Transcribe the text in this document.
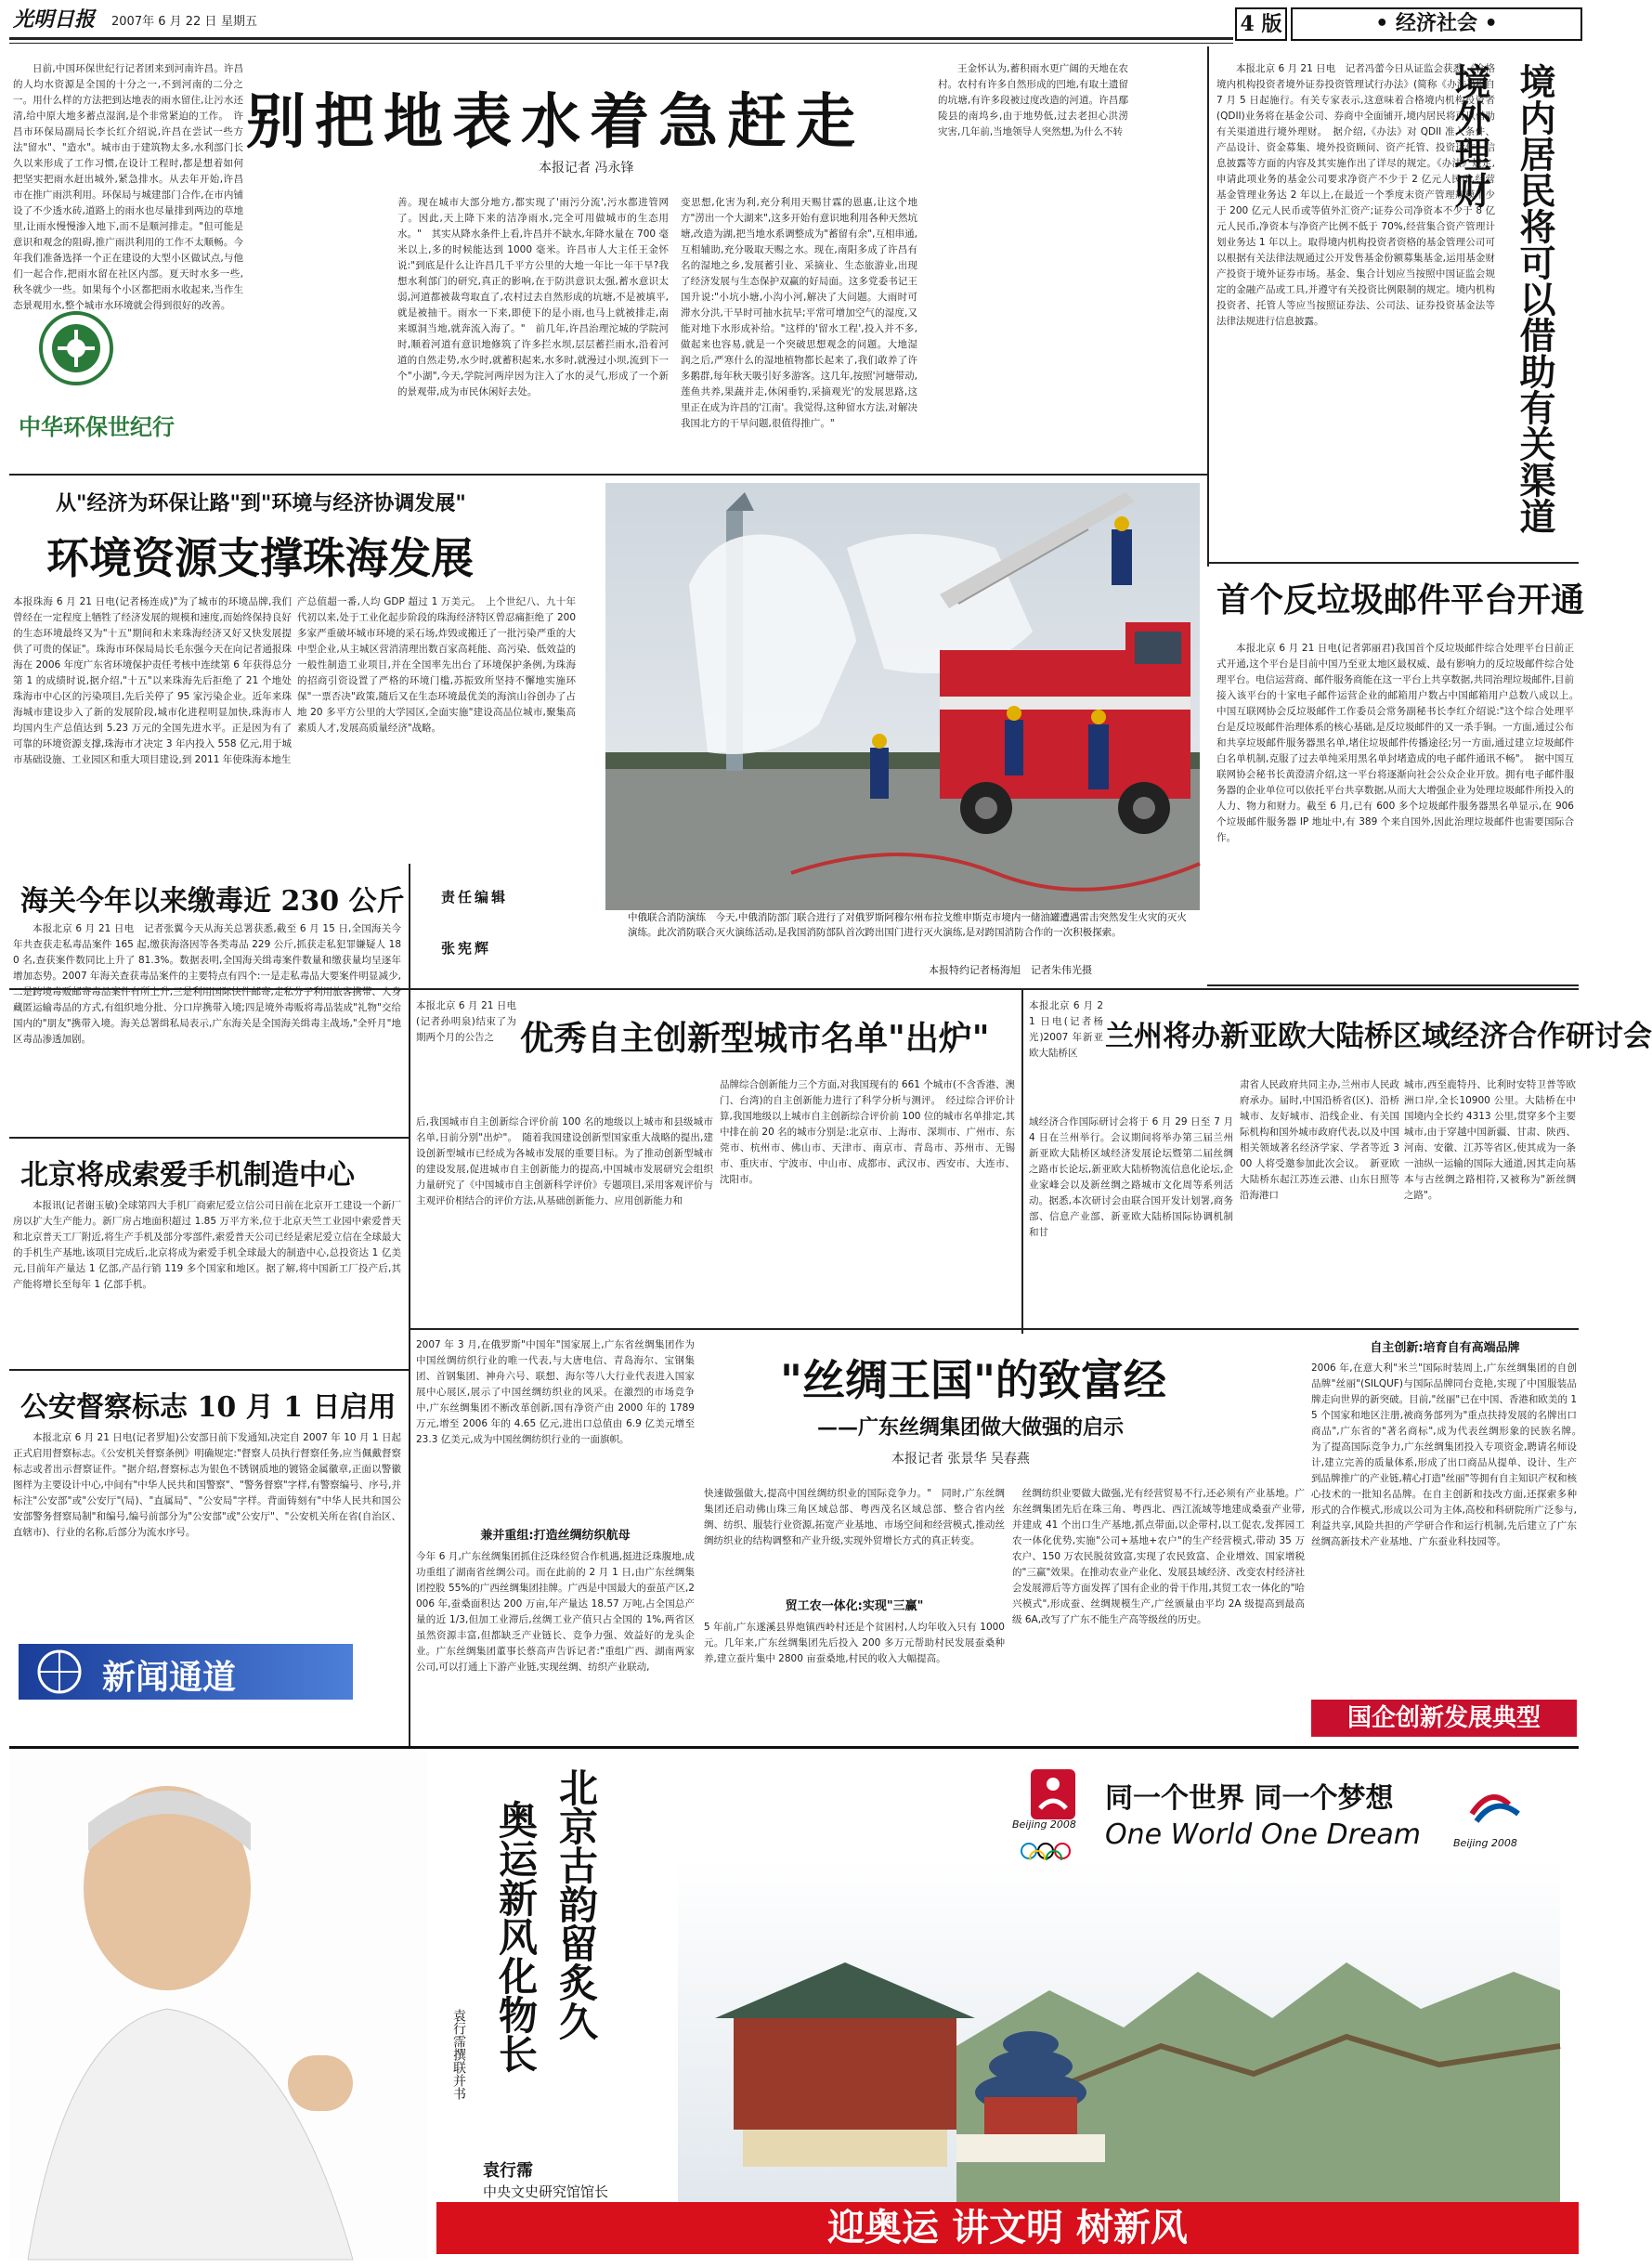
光明日报	2007年 6 月 22 日 星期五	4 版	• 经济社会 •
别把地表水着急赶走
本报记者 冯永锋
日前,中国环保世纪行记者团来到河南许昌。许昌的人均水资源是全国的十分之一,不到河南的二分之一。用什么样的方法把到达地表的雨水留住,让污水还清,给中原大地多蓄点湿润,是个非常紧迫的工作。　许昌市环保局副局长李长红介绍说,许昌在尝试一些方法"留水"、"造水"。城市由于建筑物太多,水利部门长久以来形成了工作习惯,在设计工程时,都是想着如何把坚实把雨水赶出城外,紧急排水。从去年开始,许昌市在推广雨洪利用。环保局与城建部门合作,在市内铺设了不少透水砖,道路上的雨水也尽量排到两边的草地里,让雨水慢慢渗入地下,而不是顺河排走。"但可能是意识和观念的阻碍,推广雨洪利用的工作不太顺畅。今年我们准备选择一个正在建设的大型小区做试点,与他们一起合作,把雨水留在社区内部。夏天时水多一些,秋冬就少一些。如果每个小区都把雨水收起来,当作生态景观用水,整个城市水环境就会得到很好的改善。
中华环保世纪行
善。现在城市大部分地方,都实现了'雨污分流',污水都进管网了。因此,天上降下来的洁净雨水,完全可用做城市的生态用水。"　其实从降水条件上看,许昌并不缺水,年降水量在 700 毫米以上,多的时候能达到 1000 毫米。许昌市人大主任王金怀说:"到底是什么让许昌几千平方公里的大地一年比一年干旱?我想水利部门的研究,真正的影响,在于防洪意识太强,蓄水意识太弱,河道都被裁弯取直了,农村过去自然形成的坑塘,不是被填平,就是被抽干。雨水一下来,即使下的是小雨,也马上就被排走,南来塬洞当地,就奔流入海了。"　前几年,许昌治理沱城的学院河时,顺着河道有意识地修筑了许多拦水坝,层层蓄拦雨水,沿着河道的自然走势,水少时,就蓄积起来,水多时,就漫过小坝,流到下一个"小湖",今天,学院河两岸因为注入了水的灵气,形成了一个新的景观带,成为市民休闲好去处。
变思想,化害为利,充分利用天赐甘霖的恩惠,让这个地方"涝出一个大湖来",这多开始有意识地利用各种天然坑塘,改造为湖,把当地水系调整成为"蓄留有余",互相串通,互相辅助,充分吸取天赐之水。现在,南阳多成了许昌有名的湿地之乡,发展蓄引业、采摘业、生态旅游业,出现了经济发展与生态保护双赢的好局面。这多党委书记王国升说:"小坑小塘,小沟小河,解决了大问题。大雨时可滞水分洪,干旱时可抽水抗旱;平常可增加空气的湿度,又能对地下水形成补给。"这样的'留水工程',投入并不多,做起来也容易,就是一个突破思想观念的问题。大地湿润之后,严寒什么的湿地植物都长起来了,我们敢养了许多鹅群,每年秋天吸引好多游客。这几年,按照'河塘带动,莲鱼共养,果蔬并走,休闲垂钓,采摘观光'的发展思路,这里正在成为许昌的'江南'。我觉得,这种留水方法,对解决我国北方的干旱问题,很值得推广。"
王金怀认为,蓄积雨水更广阔的天地在农村。农村有许多自然形成的凹地,有取土遗留的坑塘,有许多段被过度改造的河道。许昌鄢陵县的南坞乡,由于地势低,过去老担心洪涝灾害,几年前,当地领导人突然想,为什么不转
本报北京 6 月 21 日电　记者冯蕾今日从证监会获悉,《合格境内机构投资者境外证券投资管理试行办法》(简称《办法》)将自 7 月 5 日起施行。有关专家表示,这意味着合格境内机构投资者(QDII)业务将在基金公司、券商中全面铺开,境内居民将可以借助有关渠道进行境外理财。　据介绍,《办法》对 QDII 准入条件、产品设计、资金募集、境外投资顾问、资产托管、投资运作、信息披露等方面的内容及其实施作出了详尽的规定。《办法》规定,申请此项业务的基金公司要求净资产不少于 2 亿元人民币,经营基金管理业务达 2 年以上,在最近一个季度末资产管理规模不少于 200 亿元人民币或等值外汇资产;证券公司净资本不少于 8 亿元人民币,净资本与净资产比例不低于 70%,经营集合资产管理计划业务达 1 年以上。取得境内机构投资者资格的基金管理公司可以根据有关法律法规通过公开发售基金份额募集基金,运用基金财产投资于境外证券市场。基金、集合计划应当按照中国证监会规定的金融产品或工具,并遵守有关投资比例限制的规定。境内机构投资者、托管人等应当按照证券法、公司法、证券投资基金法等法律法规进行信息披露。	境内居民将可以借助有关渠道境外理财
首个反垃圾邮件平台开通
本报北京 6 月 21 日电(记者郭丽君)我国首个反垃圾邮件综合处理平台日前正式开通,这个平台是目前中国乃至亚太地区最权威、最有影响力的反垃圾邮件综合处理平台。电信运营商、邮件服务商能在这一平台上共享数据,共同治理垃圾邮件,目前接入该平台的十家电子邮件运营企业的邮箱用户数占中国邮箱用户总数八成以上。　中国互联网协会反垃圾邮件工作委员会常务副秘书长李红介绍说:"这个综合处理平台是反垃圾邮件治理体系的核心基础,是反垃圾邮件的又一杀手锏。一方面,通过公布和共享垃圾邮件服务器黑名单,堵住垃圾邮件传播途径;另一方面,通过建立垃圾邮件白名单机制,克服了过去单纯采用黑名单封堵造成的电子邮件通讯不畅"。　据中国互联网协会秘书长黄澄清介绍,这一平台将逐渐向社会公众企业开放。拥有电子邮件服务器的企业单位可以依托平台共享数据,从而大大增强企业为处理垃圾邮件所投入的人力、物力和财力。截至 6 月,已有 600 多个垃圾邮件服务器黑名单显示,在 906 个垃圾邮件服务器 IP 地址中,有 389 个来自国外,因此治理垃圾邮件也需要国际合作。
从"经济为环保让路"到"环境与经济协调发展"
环境资源支撑珠海发展
本报珠海 6 月 21 日电(记者杨连成)"为了城市的环境品牌,我们曾经在一定程度上牺牲了经济发展的规模和速度,而始终保持良好的生态环境最终又为"十五"期间和未来珠海经济又好又快发展提供了可贵的保证"。珠海市环保局局长毛东强今天在向记者通报珠海在 2006 年度广东省环境保护责任考核中连续第 6 年获得总分第 1 的成绩时说,据介绍,"十五"以来珠海先后拒绝了 21 个地处珠海市中心区的污染项目,先后关停了 95 家污染企业。近年来珠海城市建设步入了新的发展阶段,城市化进程明显加快,珠海市人均国内生产总值达到 5.23 万元的全国先进水平。正是因为有了可靠的环境资源支撑,珠海市才决定 3 年内投入 558 亿元,用于城市基础设施、工业园区和重大项目建设,到 2011 年使珠海本地生
产总值超一番,人均 GDP 超过 1 万美元。　上个世纪八、九十年代初以来,处于工业化起步阶段的珠海经济特区曾忍痛拒绝了 200 多家严重破坏城市环境的采石场,炸毁或搬迁了一批污染严重的大中型企业,从主城区营消清理出数百家高耗能、高污染、低效益的一般性制造工业项目,并在全国率先出台了环境保护条例,为珠海的招商引资设置了严格的环境门槛,苏振致所坚持不懈地实施环保"一票否决"政策,随后又在生态环境最优美的海滨山谷创办了占地 20 多平方公里的大学园区,全面实施"建设高品位城市,聚集高素质人才,发展高质量经济"战略。
责任编辑
张宪辉
中俄联合消防演练　今天,中俄消防部门联合进行了对俄罗斯阿穆尔州布拉戈维申斯克市境内一储油罐遭遇雷击突然发生火灾的灭火演练。此次消防联合灭火演练活动,是我国消防部队首次跨出国门进行灭火演练,是对跨国消防合作的一次积极探索。
本报特约记者杨海旭　记者朱伟光摄
海关今年以来缴毒近 230 公斤
本报北京 6 月 21 日电　记者张翼今天从海关总署获悉,截至 6 月 15 日,全国海关今年共查获走私毒品案件 165 起,缴获海洛因等各类毒品 229 公斤,抓获走私犯罪嫌疑人 180 名,查获案件数同比上升了 81.3%。数据表明,全国海关缉毒案件数量和缴获量均呈逐年增加态势。2007 年海关查获毒品案件的主要特点有四个:一是走私毒品大要案件明显减少,二是跨境毒贩邮寄毒品案件有所上升,三是利用国际快件邮寄,走私分子利用旅客携带、人身藏匿运输毒品的方式,有组织地分批、分口岸携带入境;四是境外毒贩将毒品装成"礼物"交给国内的"朋友"携带入境。海关总署缉私局表示,广东海关是全国海关缉毒主战场,"全歼月"地区毒品渗透加剧。
北京将成索爱手机制造中心
本报讯(记者谢玉敏)全球第四大手机厂商索尼爱立信公司日前在北京开工建设一个新厂房以扩大生产能力。新厂房占地面积超过 1.85 万平方米,位于北京天竺工业园中索爱普天和北京普天工厂附近,将生产手机及部分零部件,索爱普天公司已经是索尼爱立信在全球最大的手机生产基地,该项目完成后,北京将成为索爱手机全球最大的制造中心,总投资达 1 亿美元,目前年产量达 1 亿部,产品行销 119 多个国家和地区。据了解,将中国新工厂投产后,其产能将增长至每年 1 亿部手机。
公安督察标志 10 月 1 日启用
本报北京 6 月 21 日电(记者罗旭)公安部日前下发通知,决定自 2007 年 10 月 1 日起正式启用督察标志。《公安机关督察条例》明确规定:"督察人员执行督察任务,应当佩戴督察标志或者出示督察证件。"据介绍,督察标志为银色不锈钢质地的镀铬金属徽章,正面以警徽图样为主要设计中心,中间有"中华人民共和国警察"、"警务督察"字样,有警察编号、序号,并标注"公安部"或"公安厅"(局)、"直属局"、"公安局"字样。背面铸刻有"中华人民共和国公安部警务督察局制"和编号,编号前部分为"公安部"或"公安厅"、"公安机关所在省(自治区、直辖市)、行业的名称,后部分为流水序号。
新闻通道
本报北京 6 月 21 日电(记者孙明泉)结束了为期两个月的公告之 优秀自主创新型城市名单"出炉"
后,我国城市自主创新综合评价前 100 名的地级以上城市和县级城市名单,日前分别"出炉"。　随着我国建设创新型国家重大战略的提出,建设创新型城市已经成为各城市发展的重要目标。为了推动创新型城市的建设发展,促进城市自主创新能力的提高,中国城市发展研究会组织力量研究了《中国城市自主创新科学评价》专题项目,采用客观评价与主观评价相结合的评价方法,从基础创新能力、应用创新能力和
品牌综合创新能力三个方面,对我国现有的 661 个城市(不含香港、澳门、台湾)的自主创新能力进行了科学分析与测评。　经过综合评价计算,我国地级以上城市自主创新综合评价前 100 位的城市名单排定,其中排在前 20 名的城市分别是:北京市、上海市、深圳市、广州市、东莞市、杭州市、佛山市、天津市、南京市、青岛市、苏州市、无锡市、重庆市、宁波市、中山市、成都市、武汉市、西安市、大连市、沈阳市。
本报北京 6 月 21 日电(记者杨光)2007 年新亚欧大陆桥区 兰州将办新亚欧大陆桥区域经济合作研讨会
域经济合作国际研讨会将于 6 月 29 日至 7 月 4 日在兰州举行。会议期间将举办第三届兰州新亚欧大陆桥区域经济发展论坛暨第二届丝绸之路市长论坛,新亚欧大陆桥物流信息化论坛,企业家峰会以及新丝绸之路城市文化周等系列活动。据悉,本次研讨会由联合国开发计划署,商务部、信息产业部、新亚欧大陆桥国际协调机制和甘
肃省人民政府共同主办,兰州市人民政府承办。届时,中国沿桥省(区)、沿桥城市、友好城市、沿线企业、有关国际机构和国外城市政府代表,以及中国相关领域著名经济学家、学者等近 300 人将受邀参加此次会议。　新亚欧大陆桥东起江苏连云港、山东日照等沿海港口
城市,西至鹿特丹、比利时安特卫普等欧洲口岸,全长10900 公里。大陆桥在中国境内全长约 4313 公里,贯穿多个主要城市,由于穿越中国新疆、甘肃、陕西、河南、安徽、江苏等省区,使其成为一条一油纵一运输的国际大通道,因其走向基本与古丝绸之路相符,又被称为"新丝绸之路"。
2007 年 3 月,在俄罗斯"中国年"国家展上,广东省丝绸集团作为中国丝绸纺织行业的唯一代表,与大唐电信、青岛海尔、宝钢集团、首钢集团、神舟六号、联想、海尔等八大行业代表进入国家展中心展区,展示了中国丝绸纺织业的风采。在激烈的市场竞争中,广东丝绸集团不断改革创新,国有净资产由 2000 年的 1789 万元,增至 2006 年的 4.65 亿元,进出口总值由 6.9 亿美元增至 23.3 亿美元,成为中国丝绸纺织行业的一面旗帜。
兼并重组:打造丝绸纺织航母
今年 6 月,广东丝绸集团抓住泛珠经贸合作机遇,挺进泛珠腹地,成功重组了湖南省丝绸公司。而在此前的 2 月 1 日,由广东丝绸集团控股 55%的广西丝绸集团挂牌。广西是中国最大的蚕茧产区,2006 年,蚕桑面积达 200 万亩,年产量达 18.57 万吨,占全国总产量的近 1/3,但加工业滞后,丝绸工业产值只占全国的 1%,两省区虽然资源丰富,但都缺乏产业链长、竞争力强、效益好的龙头企业。广东丝绸集团董事长蔡高声告诉记者:"重组广西、湖南两家公司,可以打通上下游产业链,实现丝绸、纺织产业联动,
"丝绸王国"的致富经
——广东丝绸集团做大做强的启示
本报记者 张景华 吴春燕
快速做强做大,提高中国丝绸纺织业的国际竞争力。"　同时,广东丝绸集团还启动佛山珠三角区域总部、粤西茂名区域总部、整合省内丝绸、纺织、服装行业资源,拓宽产业基地、市场空间和经营模式,推动丝绸纺织业的结构调整和产业升级,实现外贸增长方式的真正转变。
贸工农一体化:实现"三赢"
5 年前,广东遂溪县界炮镇西岭村还是个贫困村,人均年收入只有 1000 元。几年来,广东丝绸集团先后投入 200 多万元帮助村民发展蚕桑种养,建立蚕片集中 2800 亩蚕桑地,村民的收入大幅提高。
　丝绸纺织业要做大做强,光有经营贸易不行,还必须有产业基地。广东丝绸集团先后在珠三角、粤西北、西江流域等地建成桑蚕产业带,并建成 41 个出口生产基地,抓点带面,以企带村,以工促农,发挥园工农一体化优势,实施"公司+基地+农户"的生产经营模式,带动 35 万农户、150 万农民脱贫致富,实现了农民致富、企业增效、国家增税的"三赢"效果。在推动农业产业化、发展县域经济、改变农村经济社会发展滞后等方面发挥了国有企业的骨干作用,其贸工农一体化的"哈兴模式",形成蚕、丝绸规模生产,广丝颁量由平均 2A 级提高到最高级 6A,改写了广东不能生产高等级丝的历史。
自主创新:培育自有高端品牌
2006 年,在意大利"米兰"国际时装周上,广东丝绸集团的自创品牌"丝丽"(SILQUF)与国际品牌同台竞艳,实现了中国服装品牌走向世界的新突破。目前,"丝丽"已在中国、香港和欧美的 15 个国家和地区注册,被商务部列为"重点扶持发展的名牌出口商品",广东省的"著名商标",成为代表丝绸形象的民族名牌。　为了提高国际竞争力,广东丝绸集团投入专项资金,聘请名师设计,建立完善的质量体系,形成了出口商品从提单、设计、生产到品牌推广的产业链,精心打造"丝丽"等拥有自主知识产权和核心技术的一批知名品牌。在自主创新和技改方面,还探索多种形式的合作模式,形成以公司为主体,高校和科研院所广泛参与,利益共享,风险共担的产学研合作和运行机制,先后建立了广东丝绸高新技术产业基地、广东蚕业科技园等。
国企创新发展典型
北京古韵留炙久
奥运新风化物长
袁行霈撰联并书
袁行霈
中央文史研究馆馆长
Beijing 2008
同一个世界 同一个梦想
One World One Dream	Beijing 2008
迎奥运 讲文明 树新风
